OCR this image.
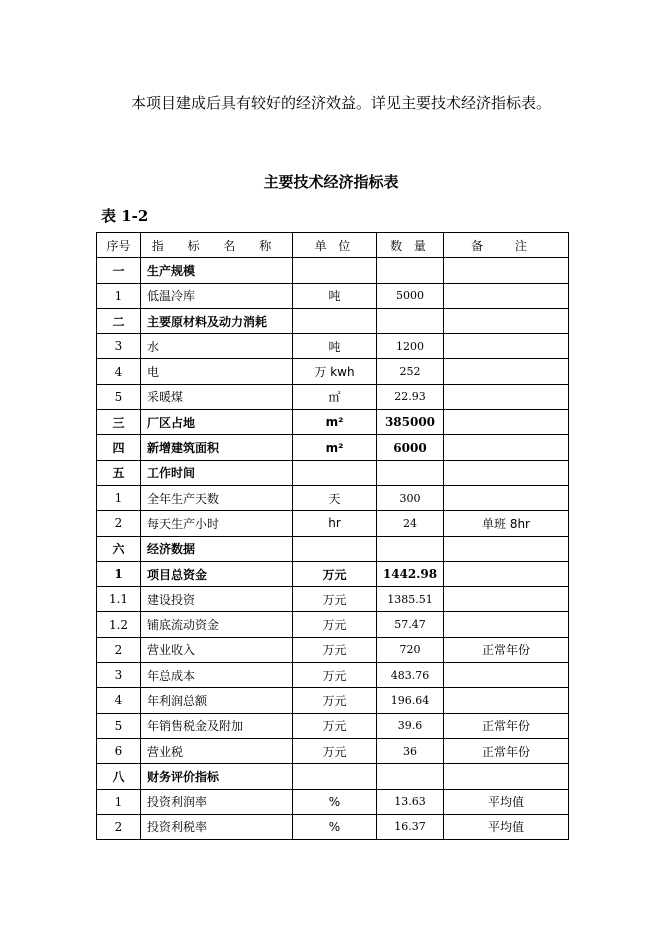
本项目建成后具有较好的经济效益。详见主要技术经济指标表。
主要技术经济指标表
表 1-2
序号	指 标 名 称	单 位	数 量	备 注
一	生产规模			
1	低温冷库	吨	5000	
二	主要原材料及动力消耗			
3	水	吨	1200	
4	电	万 kwh	252	
5	采暖煤	㎡	22.93	
三	厂区占地	m²	385000	
四	新增建筑面积	m²	6000	
五	工作时间			
1	全年生产天数	天	300	
2	每天生产小时	hr	24	单班 8hr
六	经济数据			
1	项目总资金	万元	1442.98	
1.1	建设投资	万元	1385.51	
1.2	铺底流动资金	万元	57.47	
2	营业收入	万元	720	正常年份
3	年总成本	万元	483.76	
4	年利润总额	万元	196.64	
5	年销售税金及附加	万元	39.6	正常年份
6	营业税	万元	36	正常年份
八	财务评价指标			
1	投资利润率	%	13.63	平均值
2	投资利税率	%	16.37	平均值
